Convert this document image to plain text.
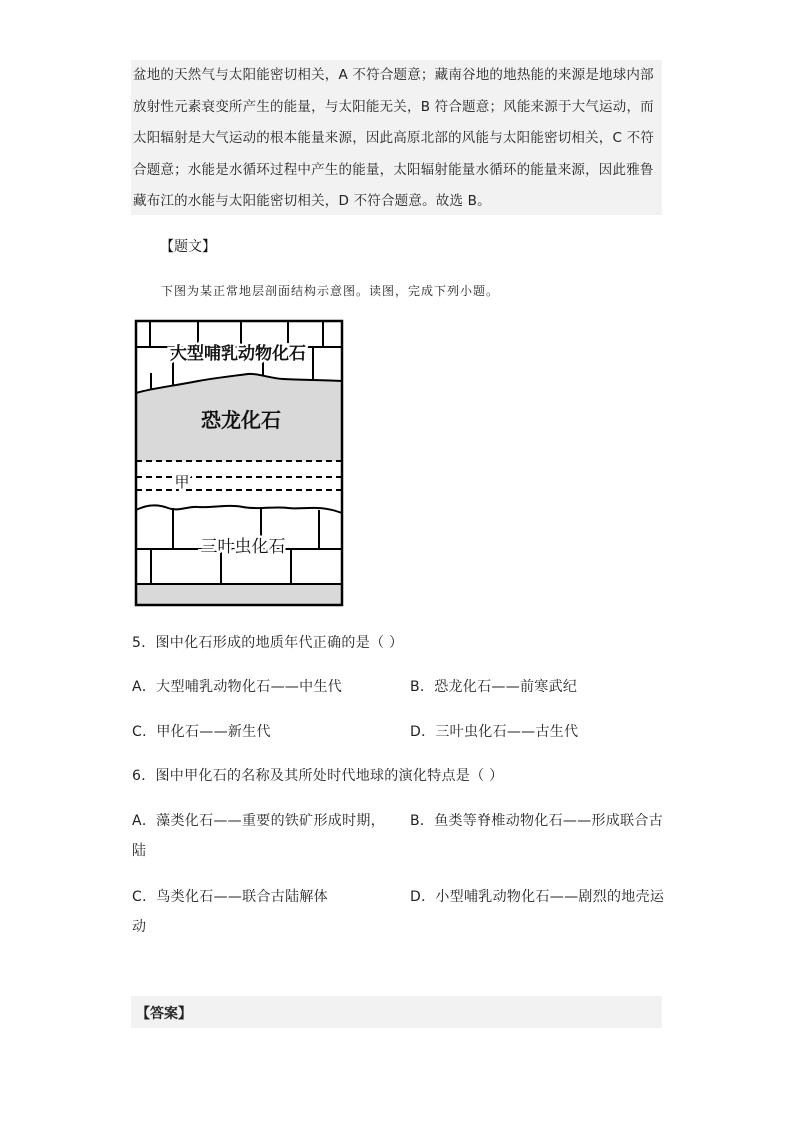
盆地的天然气与太阳能密切相关，A 不符合题意；藏南谷地的地热能的来源是地球内部

放射性元素衰变所产生的能量，与太阳能无关，B 符合题意；风能来源于大气运动，而

太阳辐射是大气运动的根本能量来源，因此高原北部的风能与太阳能密切相关，C 不符

合题意；水能是水循环过程中产生的能量，太阳辐射能量水循环的能量来源，因此雅鲁

藏布江的水能与太阳能密切相关，D 不符合题意。故选 B。

【题文】
下图为某正常地层剖面结构示意图。读图，完成下列小题。
大型哺乳动物化石
恐龙化石
甲
三叶虫化石
5．图中化石形成的地质年代正确的是（ ）
A．大型哺乳动物化石——中生代	B．恐龙化石——前寒武纪
C．甲化石——新生代	D．三叶虫化石——古生代
6．图中甲化石的名称及其所处时代地球的演化特点是（ ）
A．藻类化石——重要的铁矿形成时期， B．鱼类等脊椎动物化石——形成联合古
陆
C．鸟类化石——联合古陆解体	D．小型哺乳动物化石——剧烈的地壳运
动
【答案】
